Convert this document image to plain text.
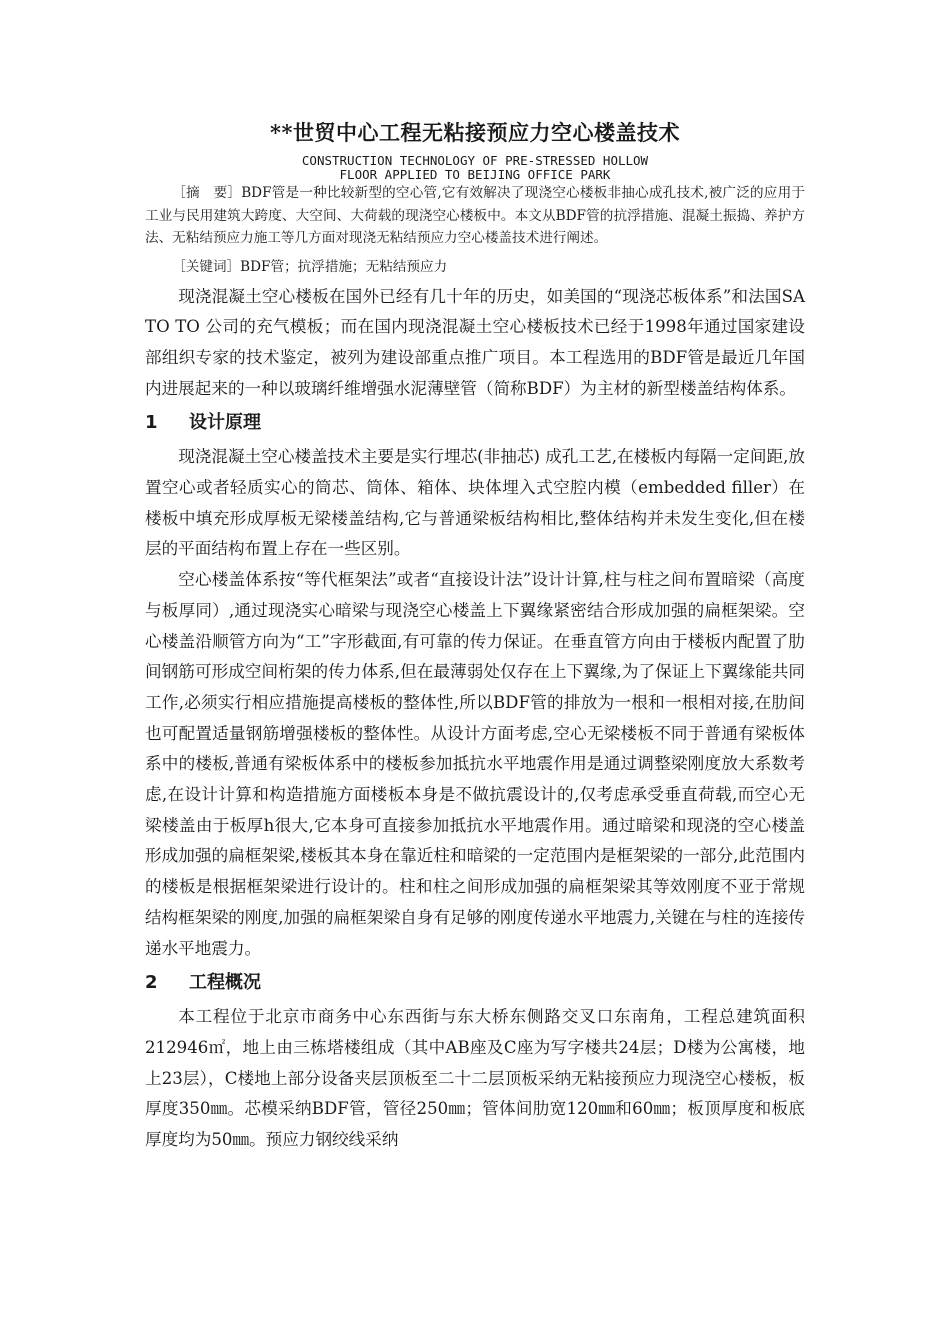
**世贸中心工程无粘接预应力空心楼盖技术

CONSTRUCTION TECHNOLOGY OF PRE-STRESSED HOLLOW

FLOOR APPLIED TO BEIJING OFFICE PARK

［摘　要］BDF管是一种比较新型的空心管,它有效解决了现浇空心楼板非抽心成孔技术,被广泛的应用于工业与民用建筑大跨度、大空间、大荷载的现浇空心楼板中。本文从BDF管的抗浮措施、混凝土振捣、养护方法、无粘结预应力施工等几方面对现浇无粘结预应力空心楼盖技术进行阐述。

［关键词］BDF管；抗浮措施；无粘结预应力

现浇混凝土空心楼板在国外已经有几十年的历史，如美国的“现浇芯板体系”和法国SA TO TO 公司的充气模板；而在国内现浇混凝土空心楼板技术已经于1998年通过国家建设部组织专家的技术鉴定，被列为建设部重点推广项目。本工程选用的BDF管是最近几年国内进展起来的一种以玻璃纤维增强水泥薄壁管（简称BDF）为主材的新型楼盖结构体系。

1	设计原理

现浇混凝土空心楼盖技术主要是实行埋芯(非抽芯) 成孔工艺,在楼板内每隔一定间距,放置空心或者轻质实心的筒芯、筒体、箱体、块体埋入式空腔内模（embedded filler）在楼板中填充形成厚板无梁楼盖结构,它与普通梁板结构相比,整体结构并未发生变化,但在楼层的平面结构布置上存在一些区别。

空心楼盖体系按“等代框架法”或者“直接设计法”设计计算,柱与柱之间布置暗梁（高度与板厚同）,通过现浇实心暗梁与现浇空心楼盖上下翼缘紧密结合形成加强的扁框架梁。空心楼盖沿顺管方向为“工”字形截面,有可靠的传力保证。在垂直管方向由于楼板内配置了肋间钢筋可形成空间桁架的传力体系,但在最薄弱处仅存在上下翼缘,为了保证上下翼缘能共同工作,必须实行相应措施提高楼板的整体性,所以BDF管的排放为一根和一根相对接,在肋间也可配置适量钢筋增强楼板的整体性。从设计方面考虑,空心无梁楼板不同于普通有梁板体系中的楼板,普通有梁板体系中的楼板参加抵抗水平地震作用是通过调整梁刚度放大系数考虑,在设计计算和构造措施方面楼板本身是不做抗震设计的,仅考虑承受垂直荷载,而空心无梁楼盖由于板厚h很大,它本身可直接参加抵抗水平地震作用。通过暗梁和现浇的空心楼盖形成加强的扁框架梁,楼板其本身在靠近柱和暗梁的一定范围内是框架梁的一部分,此范围内的楼板是根据框架梁进行设计的。柱和柱之间形成加强的扁框架梁其等效刚度不亚于常规结构框架梁的刚度,加强的扁框架梁自身有足够的刚度传递水平地震力,关键在与柱的连接传递水平地震力。

2	工程概况

本工程位于北京市商务中心东西街与东大桥东侧路交叉口东南角，工程总建筑面积212946㎡，地上由三栋塔楼组成（其中AB座及C座为写字楼共24层；D楼为公寓楼，地上23层），C楼地上部分设备夹层顶板至二十二层顶板采纳无粘接预应力现浇空心楼板，板厚度350㎜。芯模采纳BDF管，管径250㎜；管体间肋宽120㎜和60㎜；板顶厚度和板底厚度均为50㎜。预应力钢绞线采纳
